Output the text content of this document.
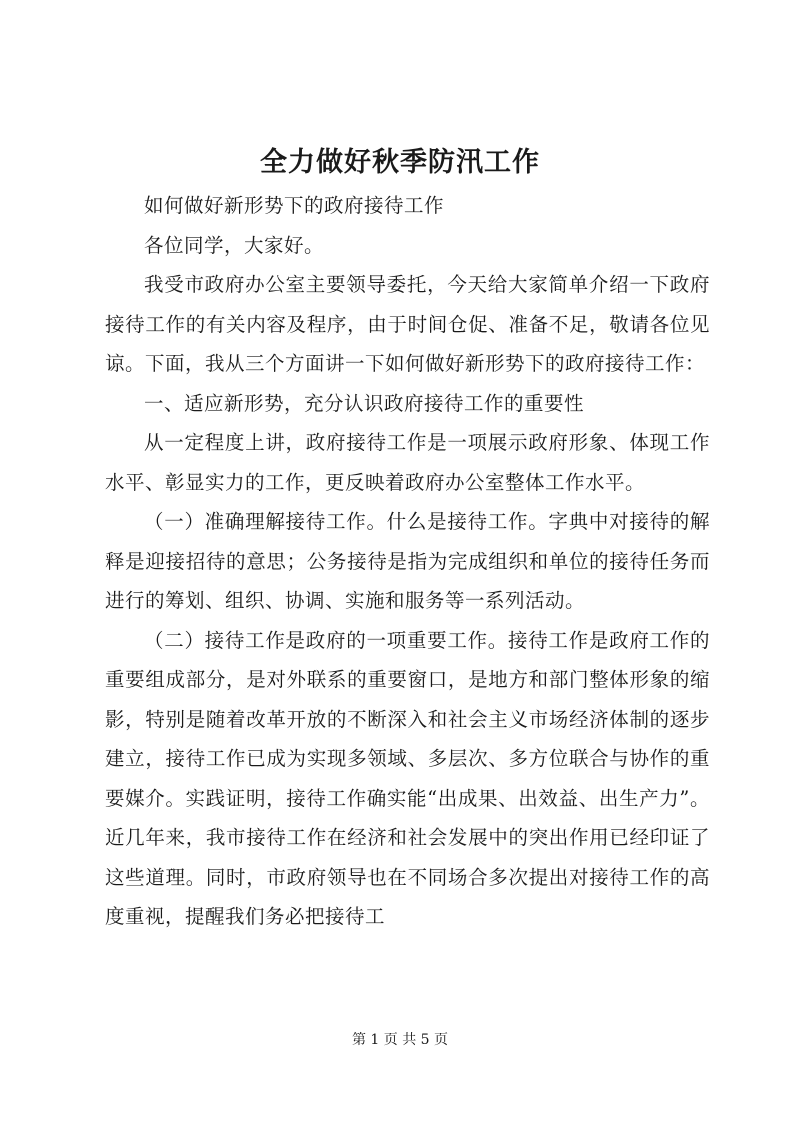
全力做好秋季防汛工作

如何做好新形势下的政府接待工作

各位同学，大家好。

我受市政府办公室主要领导委托，今天给大家简单介绍一下政府接待工作的有关内容及程序，由于时间仓促、准备不足，敬请各位见谅。下面，我从三个方面讲一下如何做好新形势下的政府接待工作：

一、适应新形势，充分认识政府接待工作的重要性

从一定程度上讲，政府接待工作是一项展示政府形象、体现工作水平、彰显实力的工作，更反映着政府办公室整体工作水平。

（一）准确理解接待工作。什么是接待工作。字典中对接待的解释是迎接招待的意思；公务接待是指为完成组织和单位的接待任务而进行的筹划、组织、协调、实施和服务等一系列活动。

（二）接待工作是政府的一项重要工作。接待工作是政府工作的重要组成部分，是对外联系的重要窗口，是地方和部门整体形象的缩影，特别是随着改革开放的不断深入和社会主义市场经济体制的逐步建立，接待工作已成为实现多领域、多层次、多方位联合与协作的重要媒介。实践证明，接待工作确实能“出成果、出效益、出生产力”。近几年来，我市接待工作在经济和社会发展中的突出作用已经印证了这些道理。同时，市政府领导也在不同场合多次提出对接待工作的高度重视，提醒我们务必把接待工

第 1 页 共 5 页
